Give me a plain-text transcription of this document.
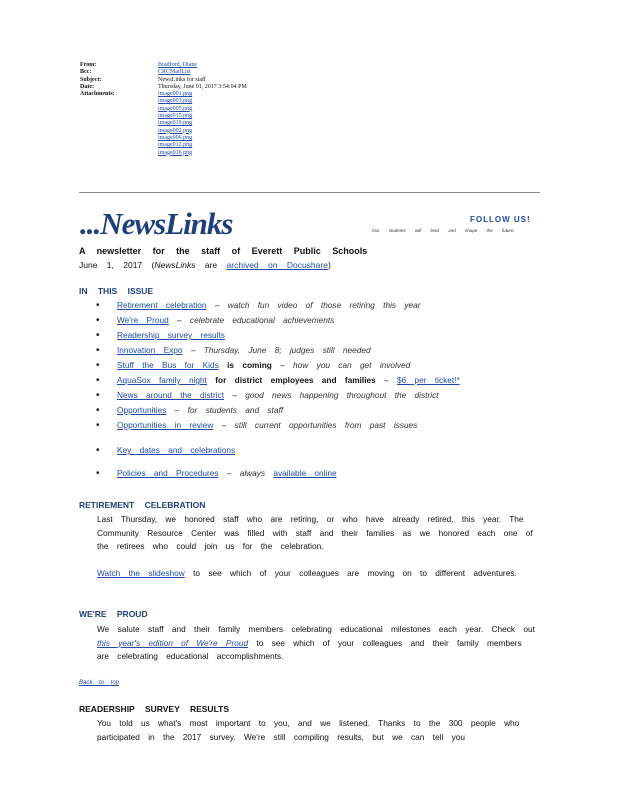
From:	Bradford, Diane
Bcc:	CRCMailList
Subject:	NewsLinks for staff
Date:	Thursday, June 01, 2017 3:54:04 PM
Attachments:	image001.png
image003.png
image005.png
image015.png
image019.png
image002.png
image006.png
image012.png
image016.png
...NewsLinks	FOLLOW US!
Our students will lead and shape the future.
A newsletter for the staff of Everett Public Schools
June 1, 2017 (NewsLinks are archived on Docushare)
IN THIS ISSUE
• Retirement celebration – watch fun video of those retiring this year
• We're Proud – celebrate educational achievements
• Readership survey results
• Innovation Expo – Thursday, June 8; judges still needed
• Stuff the Bus for Kids is coming – how you can get involved
• AquaSox family night for district employees and families – $6 per ticket!*
• News around the district – good news happening throughout the district
• Opportunities – for students and staff
• Opportunities in review – still current opportunities from past issues
• Key dates and celebrations
• Policies and Procedures – always available online
RETIREMENT CELEBRATION
Last Thursday, we honored staff who are retiring, or who have already retired, this year. The Community Resource Center was filled with staff and their families as we honored each one of the retirees who could join us for the celebration.
Watch the slideshow to see which of your colleagues are moving on to different adventures.
WE'RE PROUD
We salute staff and their family members celebrating educational milestones each year. Check out this year's edition of We're Proud to see which of your colleagues and their family members are celebrating educational accomplishments.
Back to top
READERSHIP SURVEY RESULTS
You told us what's most important to you, and we listened. Thanks to the 300 people who participated in the 2017 survey. We're still compiling results, but we can tell you
